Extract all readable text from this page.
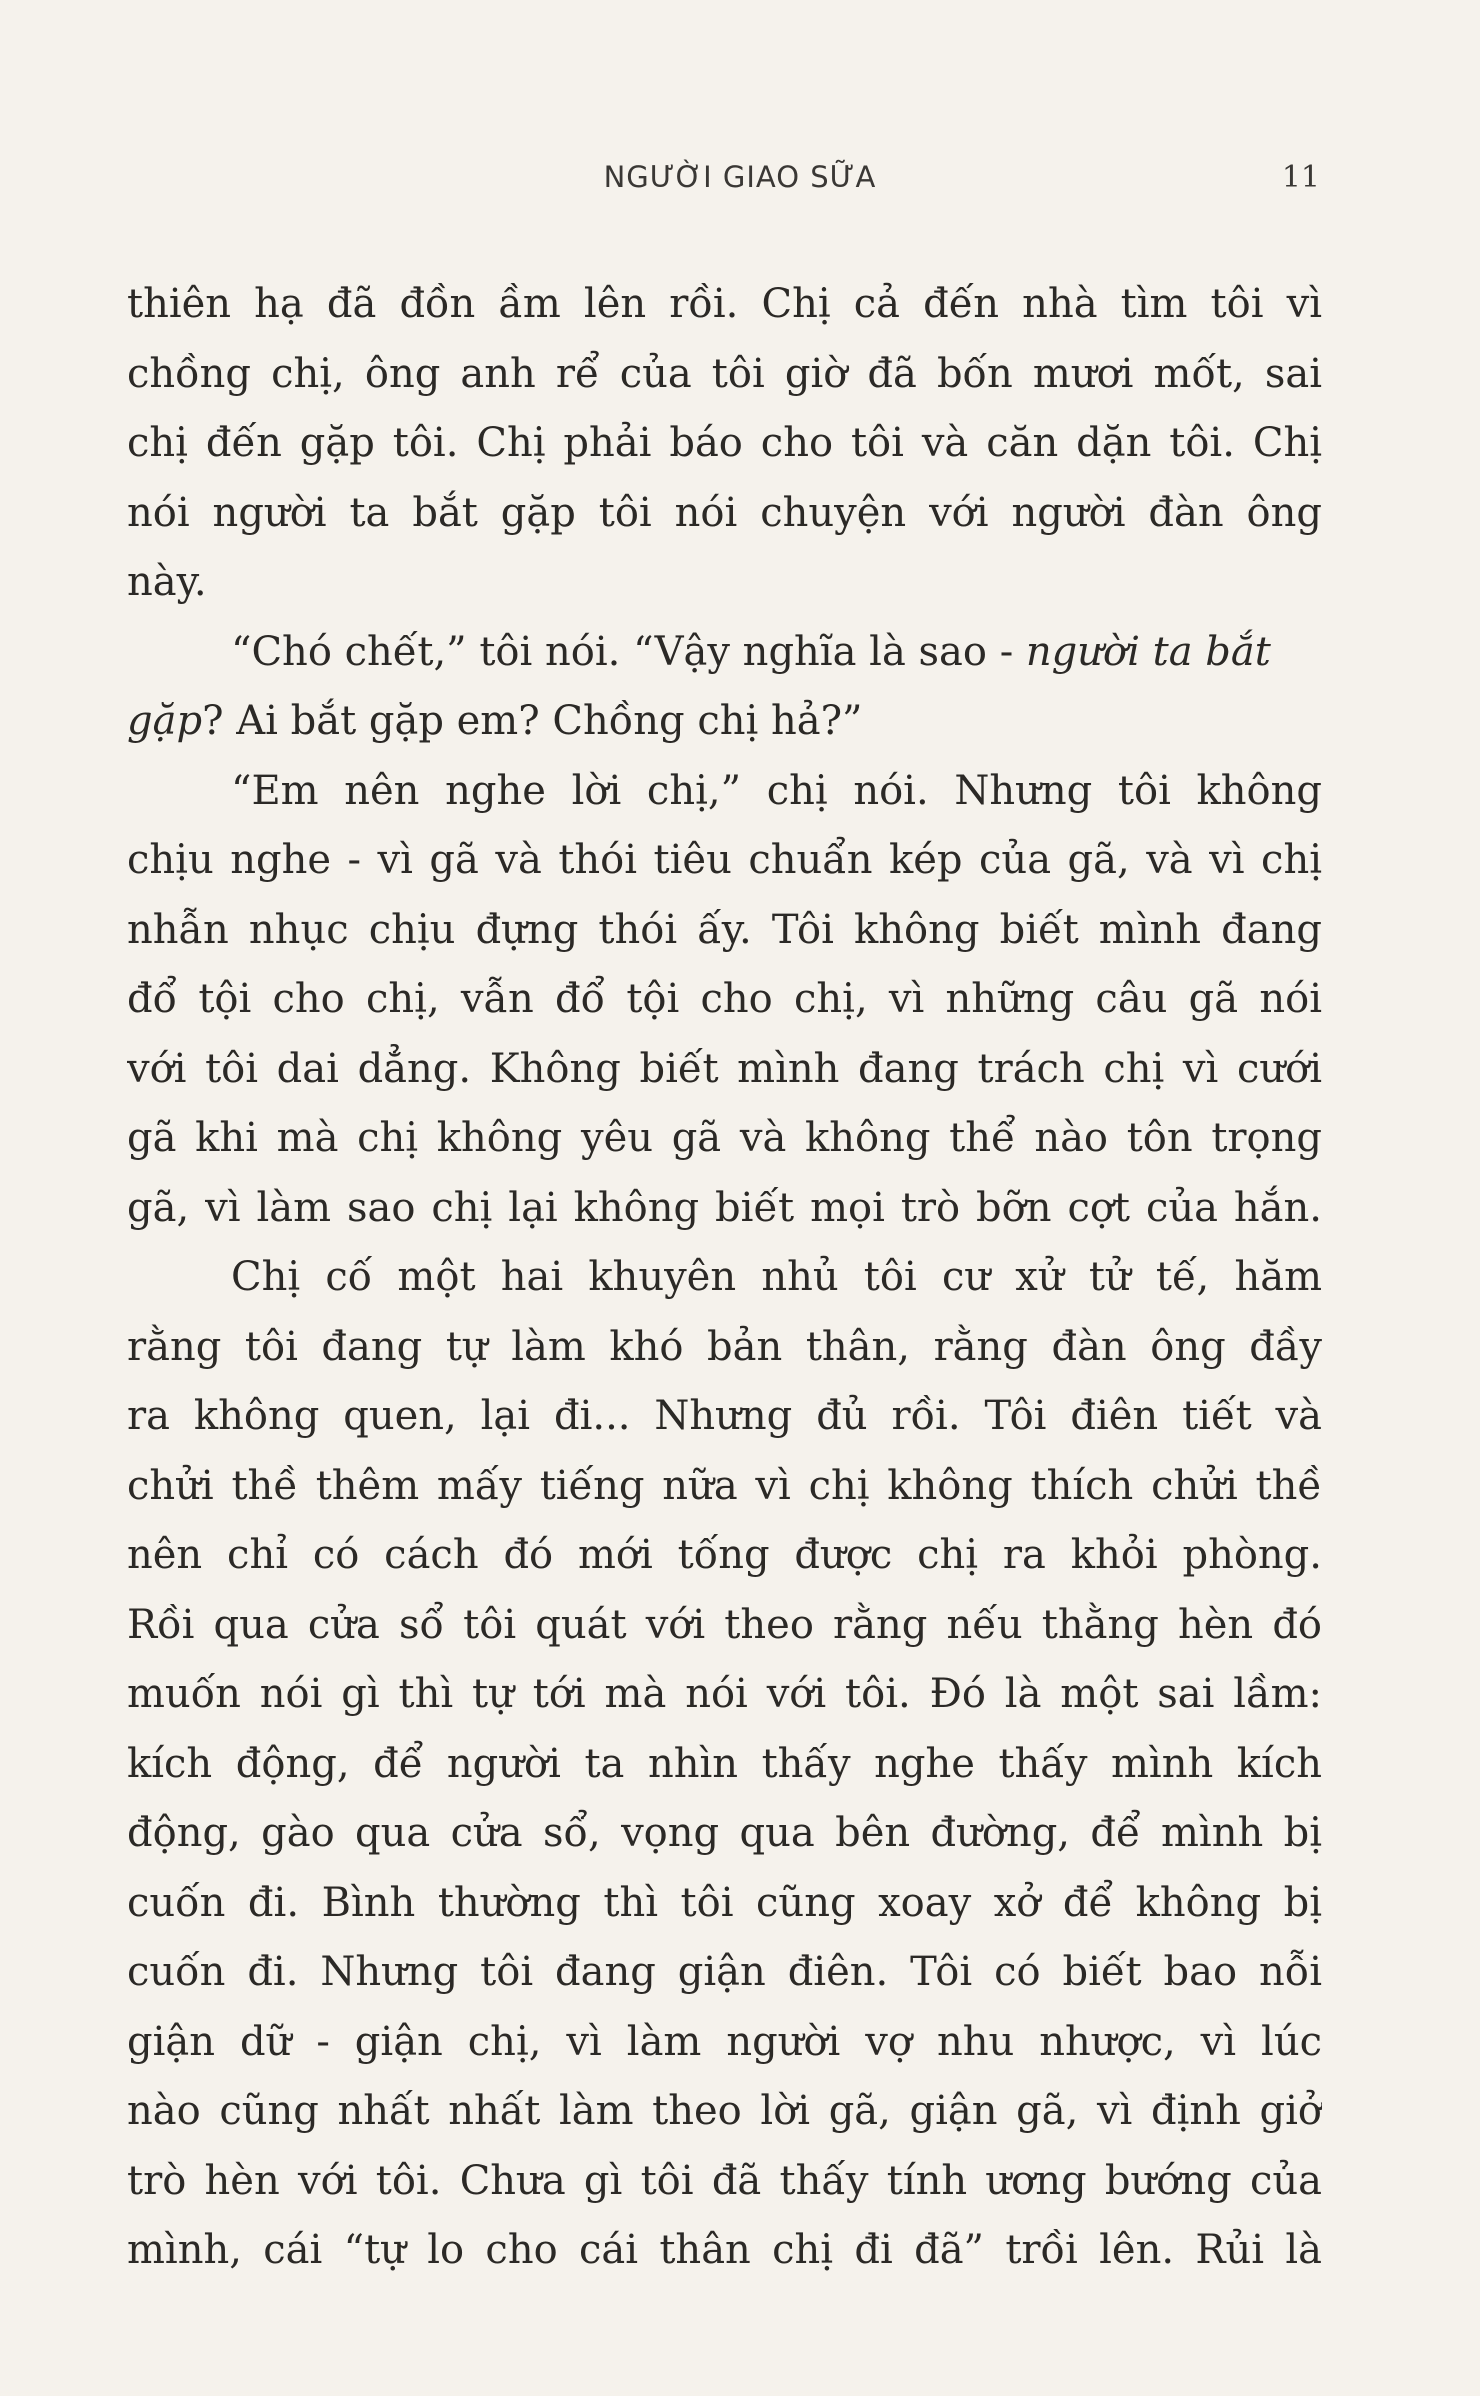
NGƯỜI GIAO SỮA	11
thiên hạ đã đồn ầm lên rồi. Chị cả đến nhà tìm tôi vì
chồng chị, ông anh rể của tôi giờ đã bốn mươi mốt, sai
chị đến gặp tôi. Chị phải báo cho tôi và căn dặn tôi. Chị
nói người ta bắt gặp tôi nói chuyện với người đàn ông
này.
“Chó chết,” tôi nói. “Vậy nghĩa là sao - người ta bắt
gặp? Ai bắt gặp em? Chồng chị hả?”
“Em nên nghe lời chị,” chị nói. Nhưng tôi không
chịu nghe - vì gã và thói tiêu chuẩn kép của gã, và vì chị
nhẫn nhục chịu đựng thói ấy. Tôi không biết mình đang
đổ tội cho chị, vẫn đổ tội cho chị, vì những câu gã nói
với tôi dai dẳng. Không biết mình đang trách chị vì cưới
gã khi mà chị không yêu gã và không thể nào tôn trọng
gã, vì làm sao chị lại không biết mọi trò bỡn cợt của hắn.
Chị cố một hai khuyên nhủ tôi cư xử tử tế, hăm
rằng tôi đang tự làm khó bản thân, rằng đàn ông đầy
ra không quen, lại đi... Nhưng đủ rồi. Tôi điên tiết và
chửi thề thêm mấy tiếng nữa vì chị không thích chửi thề
nên chỉ có cách đó mới tống được chị ra khỏi phòng.
Rồi qua cửa sổ tôi quát với theo rằng nếu thằng hèn đó
muốn nói gì thì tự tới mà nói với tôi. Đó là một sai lầm:
kích động, để người ta nhìn thấy nghe thấy mình kích
động, gào qua cửa sổ, vọng qua bên đường, để mình bị
cuốn đi. Bình thường thì tôi cũng xoay xở để không bị
cuốn đi. Nhưng tôi đang giận điên. Tôi có biết bao nỗi
giận dữ - giận chị, vì làm người vợ nhu nhược, vì lúc
nào cũng nhất nhất làm theo lời gã, giận gã, vì định giở
trò hèn với tôi. Chưa gì tôi đã thấy tính ương bướng của
mình, cái “tự lo cho cái thân chị đi đã” trồi lên. Rủi là
